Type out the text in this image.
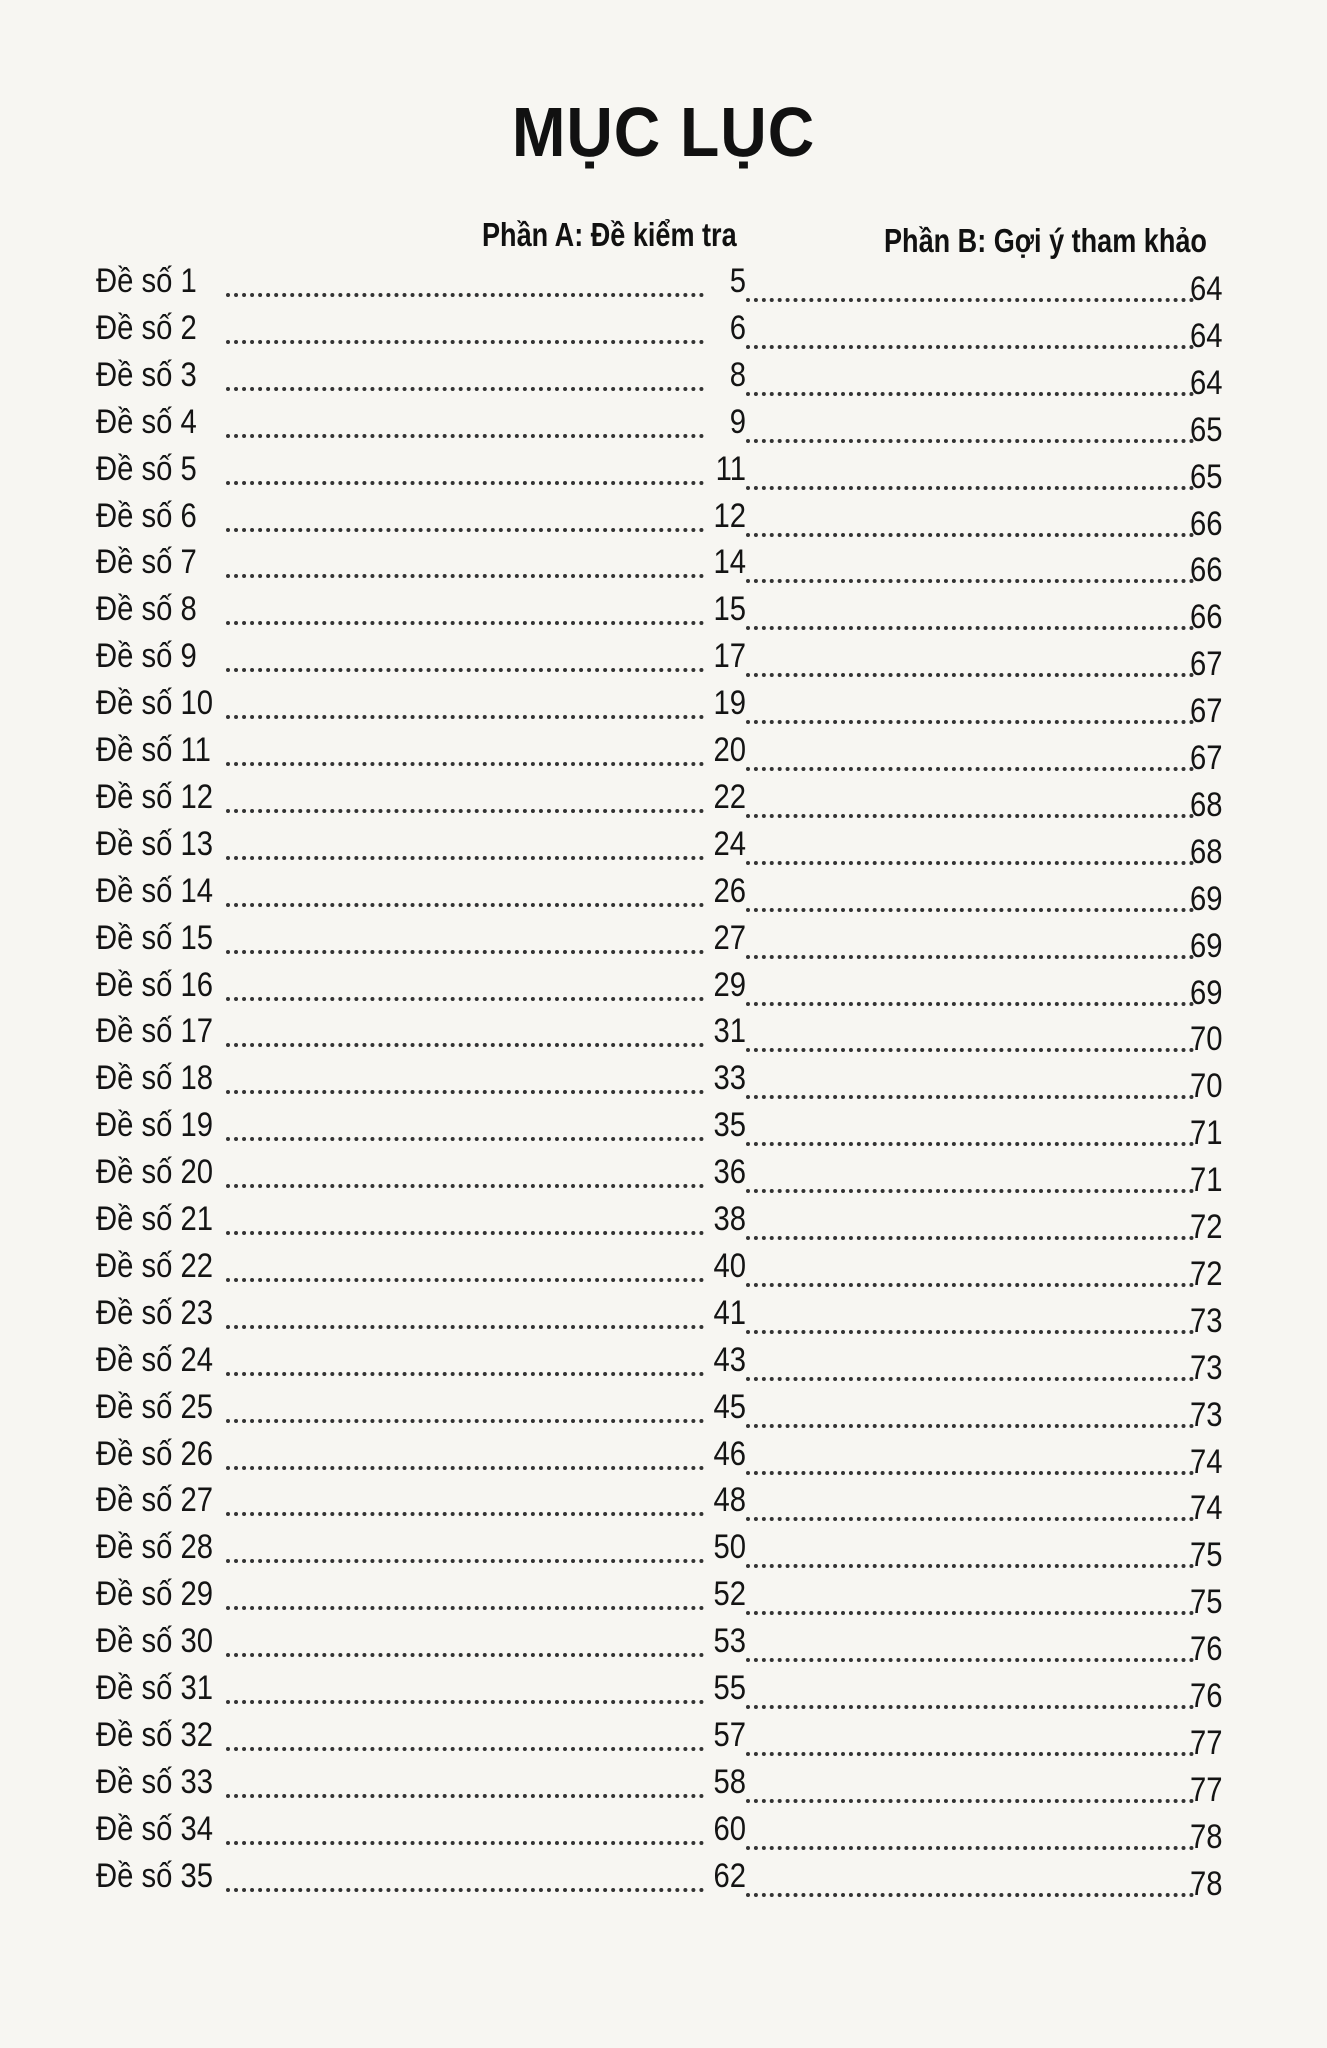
MỤC LỤC
Phần A: Đề kiểm tra	Phần B: Gợi ý tham khảo
Đề số 1	5	64
Đề số 2	6	64
Đề số 3	8	64
Đề số 4	9	65
Đề số 5	11	65
Đề số 6	12	66
Đề số 7	14	66
Đề số 8	15	66
Đề số 9	17	67
Đề số 10	19	67
Đề số 11	20	67
Đề số 12	22	68
Đề số 13	24	68
Đề số 14	26	69
Đề số 15	27	69
Đề số 16	29	69
Đề số 17	31	70
Đề số 18	33	70
Đề số 19	35	71
Đề số 20	36	71
Đề số 21	38	72
Đề số 22	40	72
Đề số 23	41	73
Đề số 24	43	73
Đề số 25	45	73
Đề số 26	46	74
Đề số 27	48	74
Đề số 28	50	75
Đề số 29	52	75
Đề số 30	53	76
Đề số 31	55	76
Đề số 32	57	77
Đề số 33	58	77
Đề số 34	60	78
Đề số 35	62	78
